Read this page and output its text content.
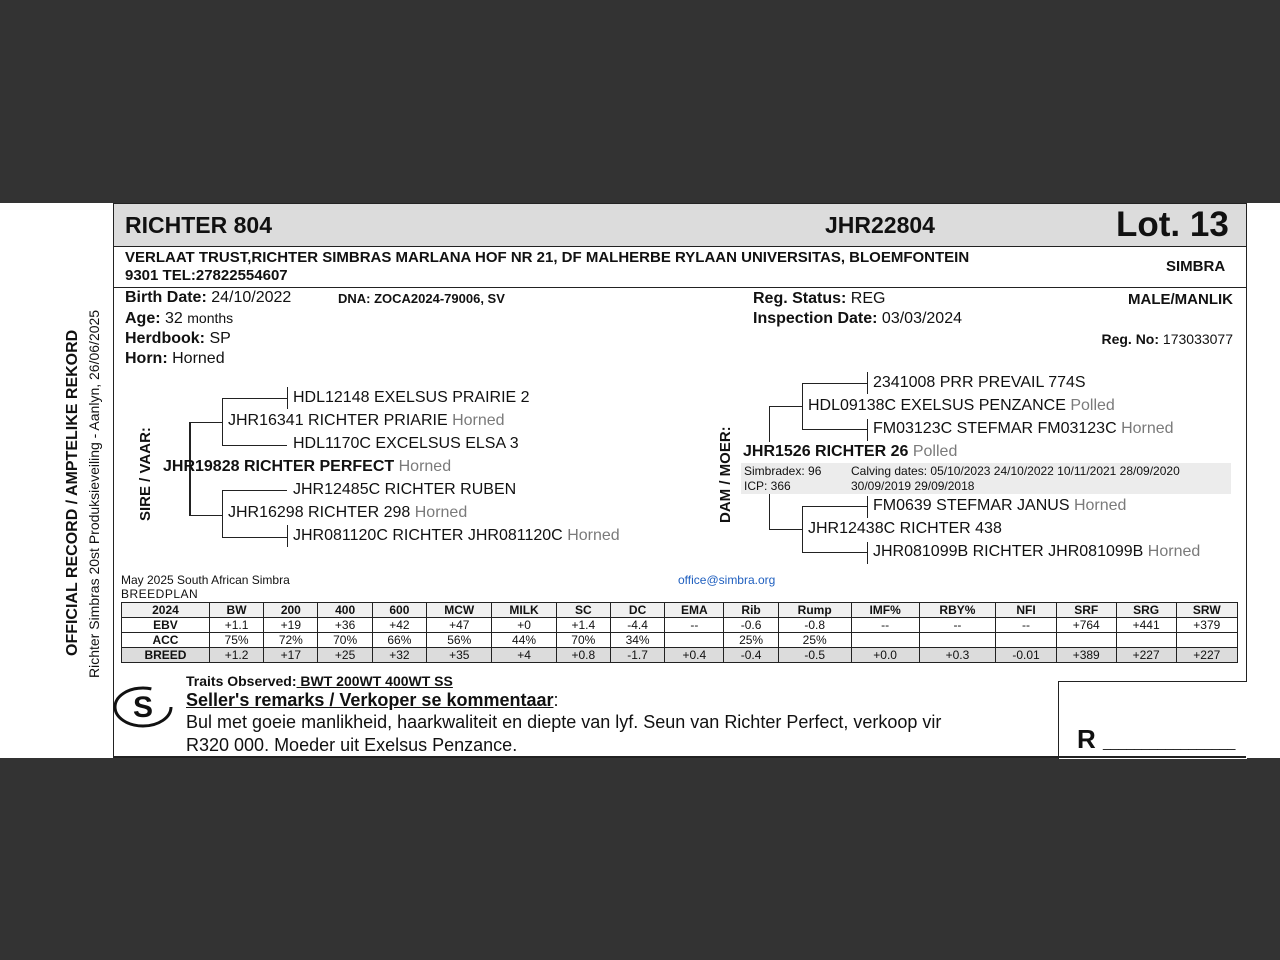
OFFICIAL RECORD / AMPTELIKE REKORD Richter Simbras 20st Produksieveiling - Aanlyn, 26/06/2025
RICHTER 804	JHR22804	Lot. 13
VERLAAT TRUST,RICHTER SIMBRAS MARLANA HOF NR 21, DF MALHERBE RYLAAN UNIVERSITAS, BLOEMFONTEIN
9301 TEL:27822554607
SIMBRA
Birth Date: 24/10/2022	DNA: ZOCA2024-79006, SV
Age: 32 months
Herdbook: SP
Horn: Horned
Reg. Status: REG
Inspection Date: 03/03/2024
MALE/MANLIK
Reg. No: 173033077
SIRE / VAAR:
HDL12148 EXELSUS PRAIRIE 2
JHR16341 RICHTER PRIARIE Horned
HDL1170C EXCELSUS ELSA 3
JHR19828 RICHTER PERFECT Horned
JHR12485C RICHTER RUBEN
JHR16298 RICHTER 298 Horned
JHR081120C RICHTER JHR081120C Horned
DAM / MOER:
2341008 PRR PREVAIL 774S
HDL09138C EXELSUS PENZANCE Polled
FM03123C STEFMAR FM03123C Horned
JHR1526 RICHTER 26 Polled
Simbradex: 96
ICP: 366
Calving dates: 05/10/2023 24/10/2022 10/11/2021 28/09/2020
30/09/2019 29/09/2018
FM0639 STEFMAR JANUS Horned
JHR12438C RICHTER 438
JHR081099B RICHTER JHR081099B Horned
May 2025 South African Simbra
BREEDPLAN
office@simbra.org
2024	BW	200	400	600	MCW	MILK	SC	DC	EMA	Rib	Rump	IMF%	RBY%	NFI	SRF	SRG	SRW
EBV	+1.1	+19	+36	+42	+47	+0	+1.4	-4.4	--	-0.6	-0.8	--	--	--	+764	+441	+379
ACC	75%	72%	70%	66%	56%	44%	70%	34%		25%	25%						
BREED	+1.2	+17	+25	+32	+35	+4	+0.8	-1.7	+0.4	-0.4	-0.5	+0.0	+0.3	-0.01	+389	+227	+227
S
Traits Observed: BWT 200WT 400WT SS
Seller's remarks / Verkoper se kommentaar:
Bul met goeie manlikheid, haarkwaliteit en diepte van lyf. Seun van Richter Perfect, verkoop vir
R320 000. Moeder uit Exelsus Penzance.	R _________________
